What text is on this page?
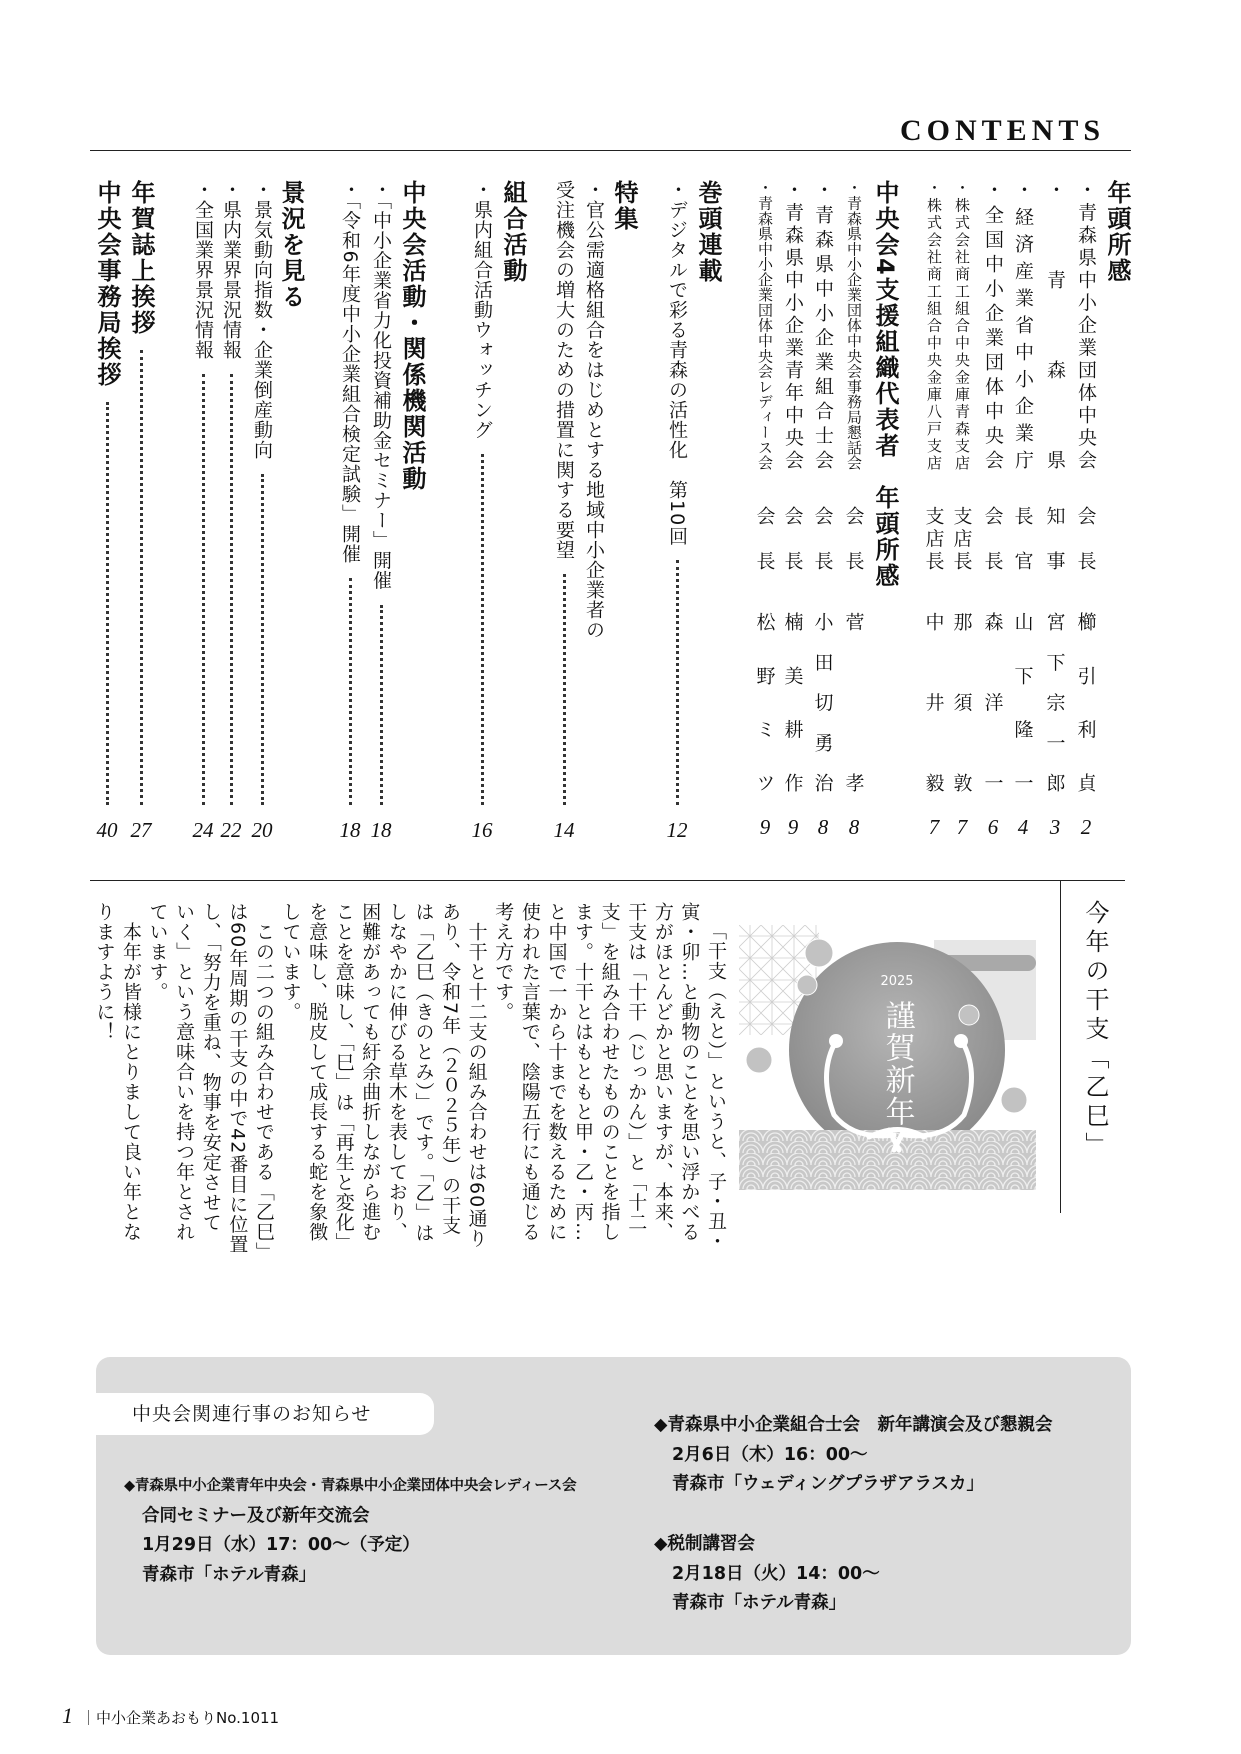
CONTENTS
年頭所感
・ 青森県中小企業団体中央会
会長
櫛引利貞
2
・ 青森県
知事
宮下宗一郎
3
・ 経済産業省中小企業庁
長官
山下隆一
4
・ 全国中小企業団体中央会
会長
森洋一
6
・ 株式会社商工組合中央金庫青森支店
支店長
那須敦
7
・ 株式会社商工組合中央金庫八戸支店
支店長
中井毅
7
中央会4支援組織代表者　年頭所感
・ 青森県中小企業団体中央会事務局懇話会
会長
菅孝
8
・ 青森県中小企業組合士会
会長
小田切勇治
8
・ 青森県中小企業青年中央会
会長
楠美耕作
9
・ 青森県中小企業団体中央会レディース会
会長
松野ミツ
9
巻頭連載
・ デジタルで彩る青森の活性化　第10回
12
特集
・ 官公需適格組合をはじめとする地域中小企業者の
受注機会の増大のための措置に関する要望
14
組合活動
・ 県内組合活動ウォッチング
16
中央会活動・関係機関活動
・ 「中小企業省力化投資補助金セミナー」開催
18
・ 「令和6年度中小企業組合検定試験」開催
18
景況を見る
・ 景気動向指数・企業倒産動向
20
・ 県内業界景況情報
22
・ 全国業界景況情報
24
年賀誌上挨拶
27
中央会事務局挨拶
40
今年の干支「乙巳」
2025
謹賀新年
「干支（えと）」というと、子・丑・
寅・卯…と動物のことを思い浮かべる
方がほとんどかと思いますが、本来、
干支は「十干（じっかん）」と「十二
支」を組み合わせたもののことを指し
ます。十干とはもともと甲・乙・丙…
と中国で一から十までを数えるために
使われた言葉で、陰陽五行にも通じる
考え方です。
　十干と十二支の組み合わせは60通り
あり、令和7年（２０２５年）の干支
は「乙巳（きのとみ）」です。「乙」は
しなやかに伸びる草木を表しており、
困難があっても紆余曲折しながら進む
ことを意味し、「巳」は「再生と変化」
を意味し、脱皮して成長する蛇を象徴
しています。
　この二つの組み合わせである「乙巳」
は60年周期の干支の中で42番目に位置
し、「努力を重ね、物事を安定させて
いく」という意味合いを持つ年とされ
ています。
　本年が皆様にとりまして良い年とな
りますように！
中央会関連行事のお知らせ
◆青森県中小企業青年中央会・青森県中小企業団体中央会レディース会
合同セミナー及び新年交流会
1月29日（水）17：00～（予定）
青森市「ホテル青森」
◆青森県中小企業組合士会　新年講演会及び懇親会
2月6日（木）16：00～
青森市「ウェディングプラザアラスカ」
◆税制講習会
2月18日（火）14：00～
青森市「ホテル青森」
1 ｜中小企業あおもりNo.1011
